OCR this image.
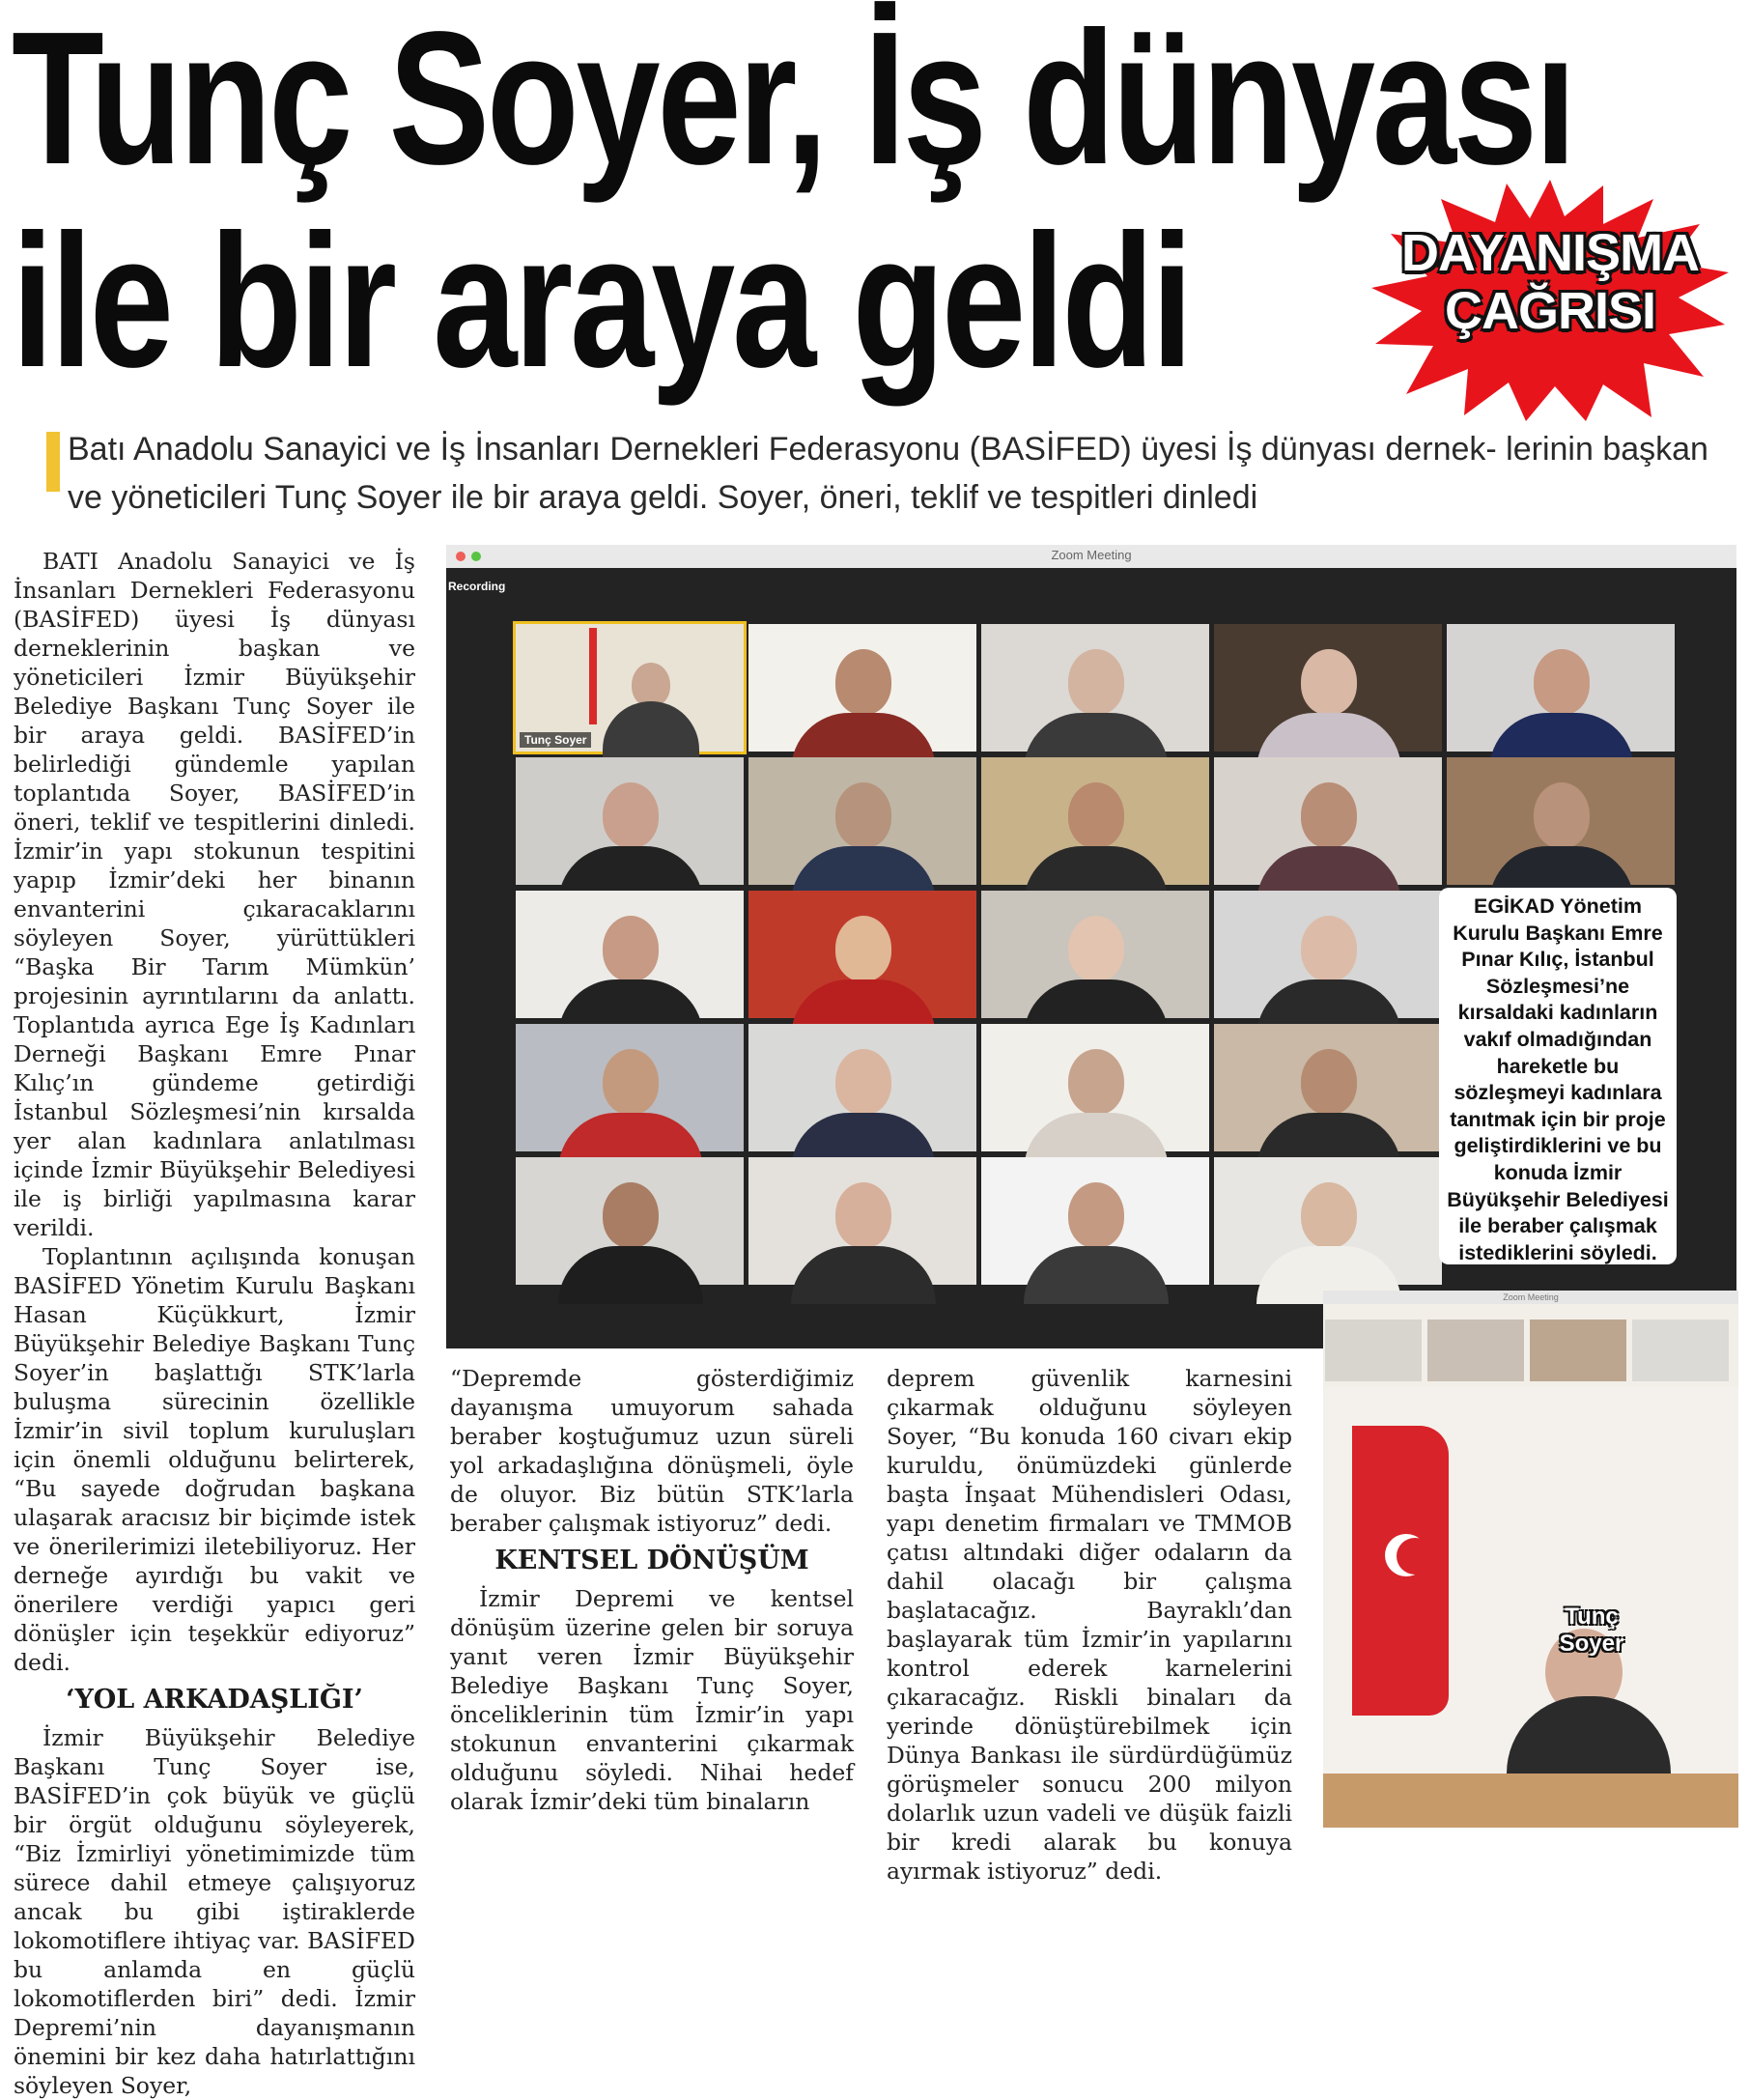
Tunç Soyer, İş dünyası
ile bir araya geldi	DAYANIŞMA
ÇAĞRISI
Batı Anadolu Sanayici ve İş İnsanları Dernekleri Federasyonu (BASİFED) üyesi İş dünyası dernek- lerinin başkan ve yöneticileri Tunç Soyer ile bir araya geldi. Soyer, öneri, teklif ve tespitleri dinledi

BATI Anadolu Sanayici ve İş İnsanları Dernekleri Federasyonu (BASİFED) üyesi İş dünyası derneklerinin başkan ve yöneticileri İzmir Büyükşehir Belediye Başkanı Tunç Soyer ile bir araya geldi. BASİFED’in belirlediği gündemle yapılan toplantıda Soyer, BASİFED’in öneri, teklif ve tespitlerini dinledi. İzmir’in yapı stokunun tespitini yapıp İzmir’deki her binanın envanterini çıkaracaklarını söyleyen Soyer, yürüttükleri “Başka Bir Tarım Mümkün’ projesinin ayrıntılarını da anlattı. Toplantıda ayrıca Ege İş Kadınları Derneği Başkanı Emre Pınar Kılıç’ın gündeme getirdiği İstanbul Sözleşmesi’nin kırsalda yer alan kadınlara anlatılması içinde İzmir Büyükşehir Belediyesi ile iş birliği yapılmasına karar verildi.

Toplantının açılışında konuşan BASİFED Yönetim Kurulu Başkanı Hasan Küçükkurt, İzmir Büyükşehir Belediye Başkanı Tunç Soyer’in başlattığı STK’larla buluşma sürecinin özellikle İzmir’in sivil toplum kuruluşları için önemli olduğunu belirterek, “Bu sayede doğrudan başkana ulaşarak aracısız bir biçimde istek ve önerilerimizi iletebiliyoruz. Her derneğe ayırdığı bu vakit ve önerilere verdiği yapıcı geri dönüşler için teşekkür ediyoruz” dedi.

‘YOL ARKADAŞLIĞI’

İzmir Büyükşehir Belediye Başkanı Tunç Soyer ise, BASİFED’in çok büyük ve güçlü bir örgüt olduğunu söyleyerek, “Biz İzmirliyi yönetimimizde tüm sürece dahil etmeye çalışıyoruz ancak bu gibi iştiraklerde lokomotiflere ihtiyaç var. BASİFED bu anlamda en güçlü lokomotiflerden biri” dedi. İzmir Depremi’nin dayanışmanın önemini bir kez daha hatırlattığını söyleyen Soyer,

“Depremde gösterdiğimiz dayanışma umuyorum sahada beraber koştuğumuz uzun süreli yol arkadaşlığına dönüşmeli, öyle de oluyor. Biz bütün STK’larla beraber çalışmak istiyoruz” dedi.

KENTSEL DÖNÜŞÜM

İzmir Depremi ve kentsel dönüşüm üzerine gelen bir soruya yanıt veren İzmir Büyükşehir Belediye Başkanı Tunç Soyer, önceliklerinin tüm İzmir’in yapı stokunun envanterini çıkarmak olduğunu söyledi. Nihai hedef olarak İzmir’deki tüm binaların

deprem güvenlik karnesini çıkarmak olduğunu söyleyen Soyer, “Bu konuda 160 civarı ekip kuruldu, önümüzdeki günlerde başta İnşaat Mühendisleri Odası, yapı denetim firmaları ve TMMOB çatısı altındaki diğer odaların da dahil olacağı bir çalışma başlatacağız. Bayraklı’dan başlayarak tüm İzmir’in yapılarını kontrol ederek karnelerini çıkaracağız. Riskli binaları da yerinde dönüştürebilmek için Dünya Bankası ile sürdürdüğümüz görüşmeler sonucu 200 milyon dolarlık uzun vadeli ve düşük faizli bir kredi alarak bu konuya ayırmak istiyoruz” dedi.

Zoom Meeting
Recording
Tunç Soyer
EGİKAD Yönetim Kurulu Başkanı Emre Pınar Kılıç, İstanbul Sözleşmesi’ne kırsaldaki kadınların vakıf olmadığından hareketle bu sözleşmeyi kadınlara tanıtmak için bir proje geliştirdiklerini ve bu konuda İzmir Büyükşehir Belediyesi ile beraber çalışmak istediklerini söyledi.
Zoom Meeting
Tunç Soyer
